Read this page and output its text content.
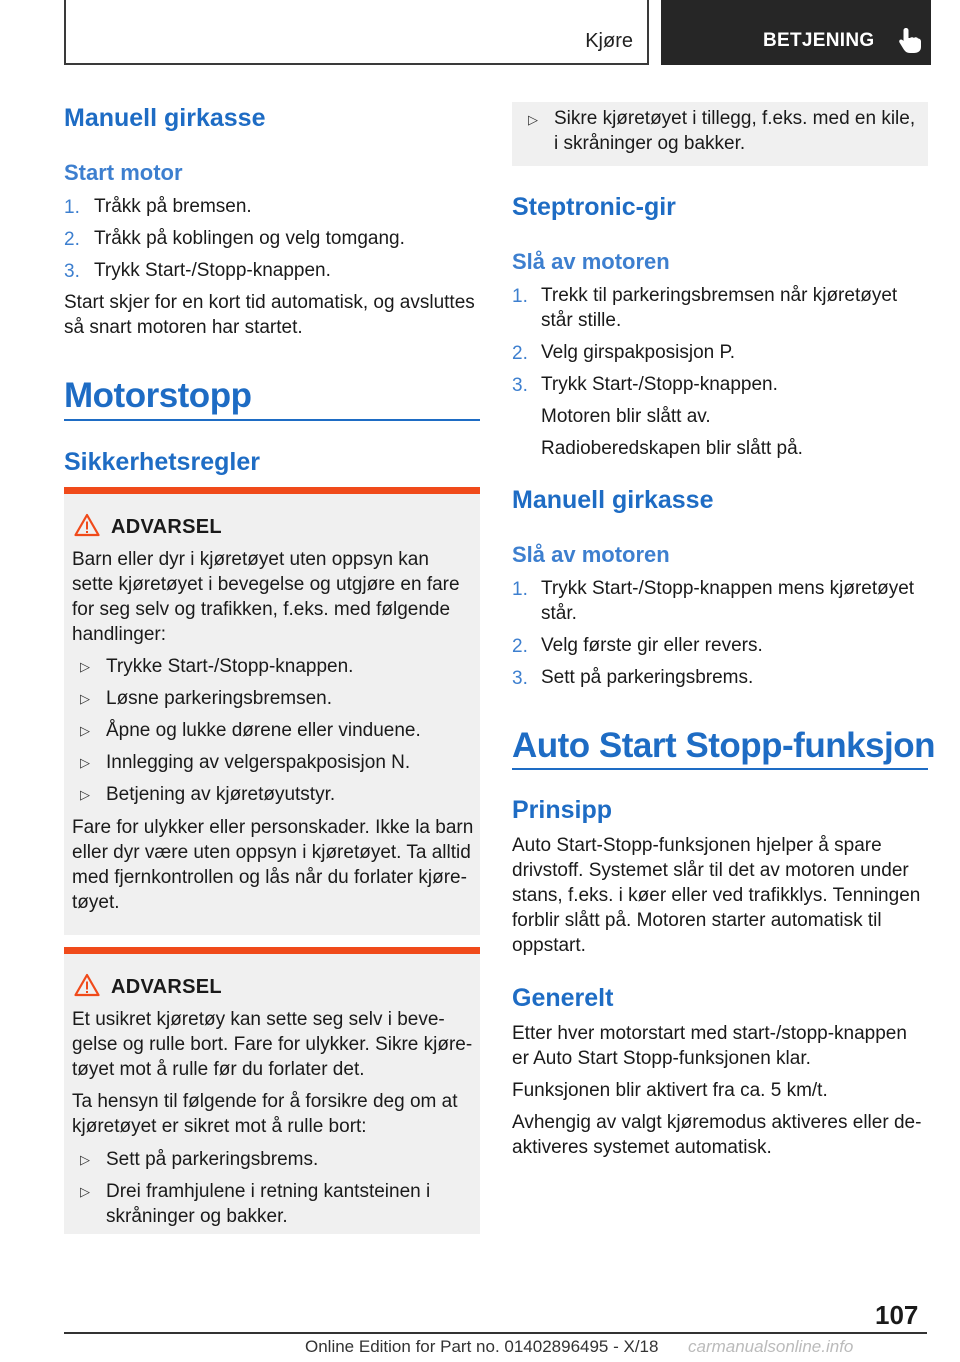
Kjøre	BETJENING
Manuell girkasse
Start motor
1. Tråkk på bremsen.
2. Tråkk på koblingen og velg tomgang.
3. Trykk Start-/Stopp-knappen.
Start skjer for en kort tid automatisk, og avsluttes
så snart motoren har startet.
Motorstopp
Sikkerhetsregler
ADVARSEL
Barn eller dyr i kjøretøyet uten oppsyn kan
sette kjøretøyet i bevegelse og utgjøre en fare
for seg selv og trafikken, f.eks. med følgende
handlinger:
▷ Trykke Start-/Stopp-knappen.
▷ Løsne parkeringsbremsen.
▷ Åpne og lukke dørene eller vinduene.
▷ Innlegging av velgerspakposisjon N.
▷ Betjening av kjøretøyutstyr.
Fare for ulykker eller personskader. Ikke la barn
eller dyr være uten oppsyn i kjøretøyet. Ta alltid
med fjernkontrollen og lås når du forlater kjøre‐
tøyet.
ADVARSEL
Et usikret kjøretøy kan sette seg selv i beve‐
gelse og rulle bort. Fare for ulykker. Sikre kjøre‐
tøyet mot å rulle før du forlater det.
Ta hensyn til følgende for å forsikre deg om at
kjøretøyet er sikret mot å rulle bort:
▷ Sett på parkeringsbrems.
▷ Drei framhjulene i retning kantsteinen i
skråninger og bakker.
▷ Sikre kjøretøyet i tillegg, f.eks. med en kile,
i skråninger og bakker.
Steptronic-gir
Slå av motoren
1. Trekk til parkeringsbremsen når kjøretøyet
står stille.
2. Velg girspakposisjon P.
3. Trykk Start-/Stopp-knappen.
Motoren blir slått av.
Radioberedskapen blir slått på.
Manuell girkasse
Slå av motoren
1. Trykk Start-/Stopp-knappen mens kjøretøyet
står.
2. Velg første gir eller revers.
3. Sett på parkeringsbrems.
Auto Start Stopp-funksjon
Prinsipp
Auto Start-Stopp-funksjonen hjelper å spare
drivstoff. Systemet slår til det av motoren under
stans, f.eks. i køer eller ved trafikklys. Tenningen
forblir slått på. Motoren starter automatisk til
oppstart.
Generelt
Etter hver motorstart med start-/stopp-knappen
er Auto Start Stopp-funksjonen klar.
Funksjonen blir aktivert fra ca. 5 km/t.
Avhengig av valgt kjøremodus aktiveres eller de‐
aktiveres systemet automatisk.
107
Online Edition for Part no. 01402896495 - X/18 carmanualsonline.info
